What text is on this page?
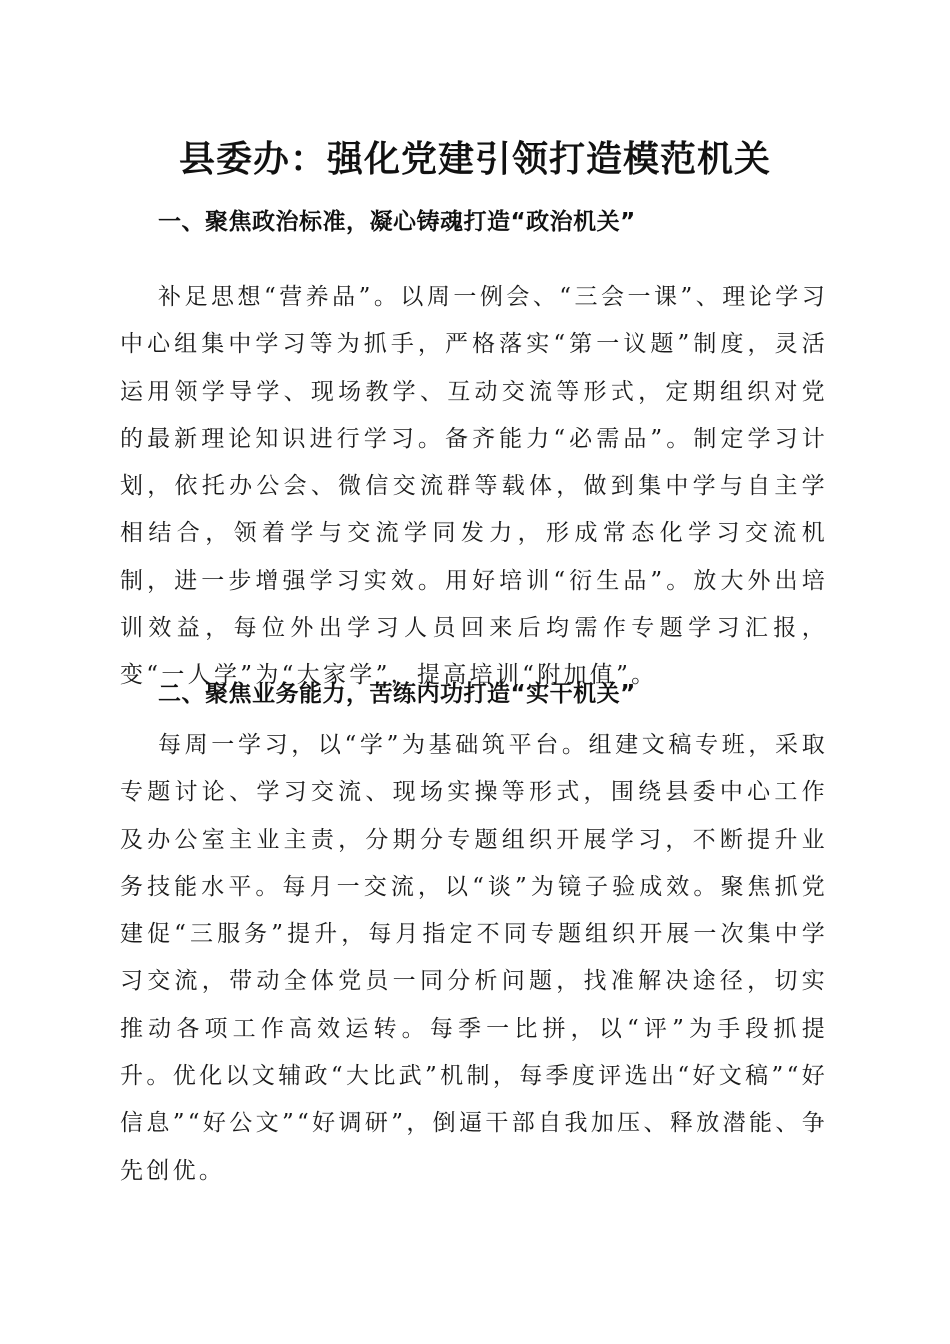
县委办：强化党建引领打造模范机关
一、聚焦政治标准，凝心铸魂打造“政治机关”

补足思想“营养品”。以周一例会、“三会一课”、理论学习中心组集中学习等为抓手，严格落实“第一议题”制度，灵活运用领学导学、现场教学、互动交流等形式，定期组织对党的最新理论知识进行学习。备齐能力“必需品”。制定学习计划，依托办公会、微信交流群等载体，做到集中学与自主学相结合，领着学与交流学同发力，形成常态化学习交流机制，进一步增强学习实效。用好培训“衍生品”。放大外出培训效益，每位外出学习人员回来后均需作专题学习汇报，变“一人学”为“大家学”，提高培训“附加值”。

二、聚焦业务能力，苦练内功打造“实干机关”

每周一学习，以“学”为基础筑平台。组建文稿专班，采取专题讨论、学习交流、现场实操等形式，围绕县委中心工作及办公室主业主责，分期分专题组织开展学习，不断提升业务技能水平。每月一交流，以“谈”为镜子验成效。聚焦抓党建促“三服务”提升，每月指定不同专题组织开展一次集中学习交流，带动全体党员一同分析问题，找准解决途径，切实推动各项工作高效运转。每季一比拼，以“评”为手段抓提升。优化以文辅政“大比武”机制，每季度评选出“好文稿”“好信息”“好公文”“好调研”，倒逼干部自我加压、释放潜能、争先创优。
